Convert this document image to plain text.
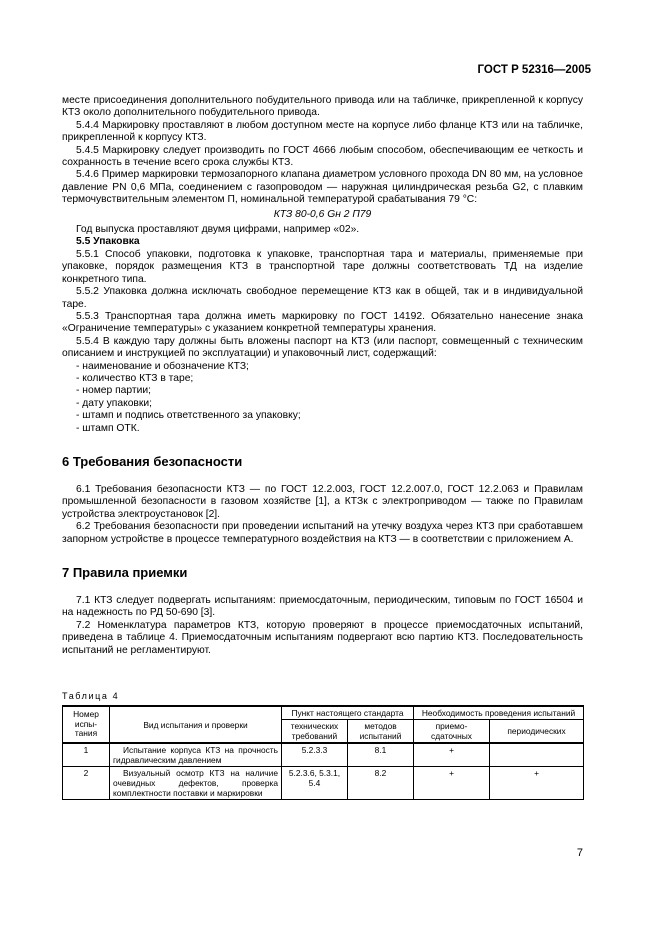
ГОСТ Р 52316—2005

месте присоединения дополнительного побудительного привода или на табличке, прикрепленной к корпусу КТЗ около дополнительного побудительного привода.

5.4.4 Маркировку проставляют в любом доступном месте на корпусе либо фланце КТЗ или на табличке, прикрепленной к корпусу КТЗ.

5.4.5 Маркировку следует производить по ГОСТ 4666 любым способом, обеспечивающим ее четкость и сохранность в течение всего срока службы КТЗ.

5.4.6 Пример маркировки термозапорного клапана диаметром условного прохода DN 80 мм, на условное давление PN 0,6 МПа, соединением с газопроводом — наружная цилиндрическая резьба G2, с плавким термочувствительным элементом П, номинальной температурой срабатывания 79 °С:

КТЗ 80-0,6 Gн 2 П79

Год выпуска проставляют двумя цифрами, например «02».

5.5 Упаковка

5.5.1 Способ упаковки, подготовка к упаковке, транспортная тара и материалы, применяемые при упаковке, порядок размещения КТЗ в транспортной таре должны соответствовать ТД на изделие конкретного типа.

5.5.2 Упаковка должна исключать свободное перемещение КТЗ как в общей, так и в индивидуальной таре.

5.5.3 Транспортная тара должна иметь маркировку по ГОСТ 14192. Обязательно нанесение знака «Ограничение температуры» с указанием конкретной температуры хранения.

5.5.4 В каждую тару должны быть вложены паспорт на КТЗ (или паспорт, совмещенный с техническим описанием и инструкцией по эксплуатации) и упаковочный лист, содержащий:

- наименование и обозначение КТЗ;
- количество КТЗ в таре;
- номер партии;
- дату упаковки;
- штамп и подпись ответственного за упаковку;
- штамп ОТК.

6 Требования безопасности

6.1 Требования безопасности КТЗ — по ГОСТ 12.2.003, ГОСТ 12.2.007.0, ГОСТ 12.2.063 и Правилам промышленной безопасности в газовом хозяйстве [1], а КТЗк с электроприводом — также по Правилам устройства электроустановок [2].

6.2 Требования безопасности при проведении испытаний на утечку воздуха через КТЗ при сработавшем запорном устройстве в процессе температурного воздействия на КТЗ — в соответствии с приложением А.

7 Правила приемки

7.1 КТЗ следует подвергать испытаниям: приемосдаточным, периодическим, типовым по ГОСТ 16504 и на надежность по РД 50-690 [3].

7.2 Номенклатура параметров КТЗ, которую проверяют в процессе приемосдаточных испытаний, приведена в таблице 4. Приемосдаточным испытаниям подвергают всю партию КТЗ. Последовательность испытаний не регламентируют.

Таблица 4
Номер испы- тания	Вид испытания и проверки	Пункт настоящего стандарта		Необходимость проведения испытаний	
		технических требований	методов испытаний	приемо- сдаточных	периодических
1	Испытание корпуса КТЗ на прочность гидравлическим давлением	5.2.3.3	8.1	+	
2	Визуальный осмотр КТЗ на наличие очевидных дефектов, проверка комплектности поставки и маркировки	5.2.3.6, 5.3.1, 5.4	8.2	+	+
7
